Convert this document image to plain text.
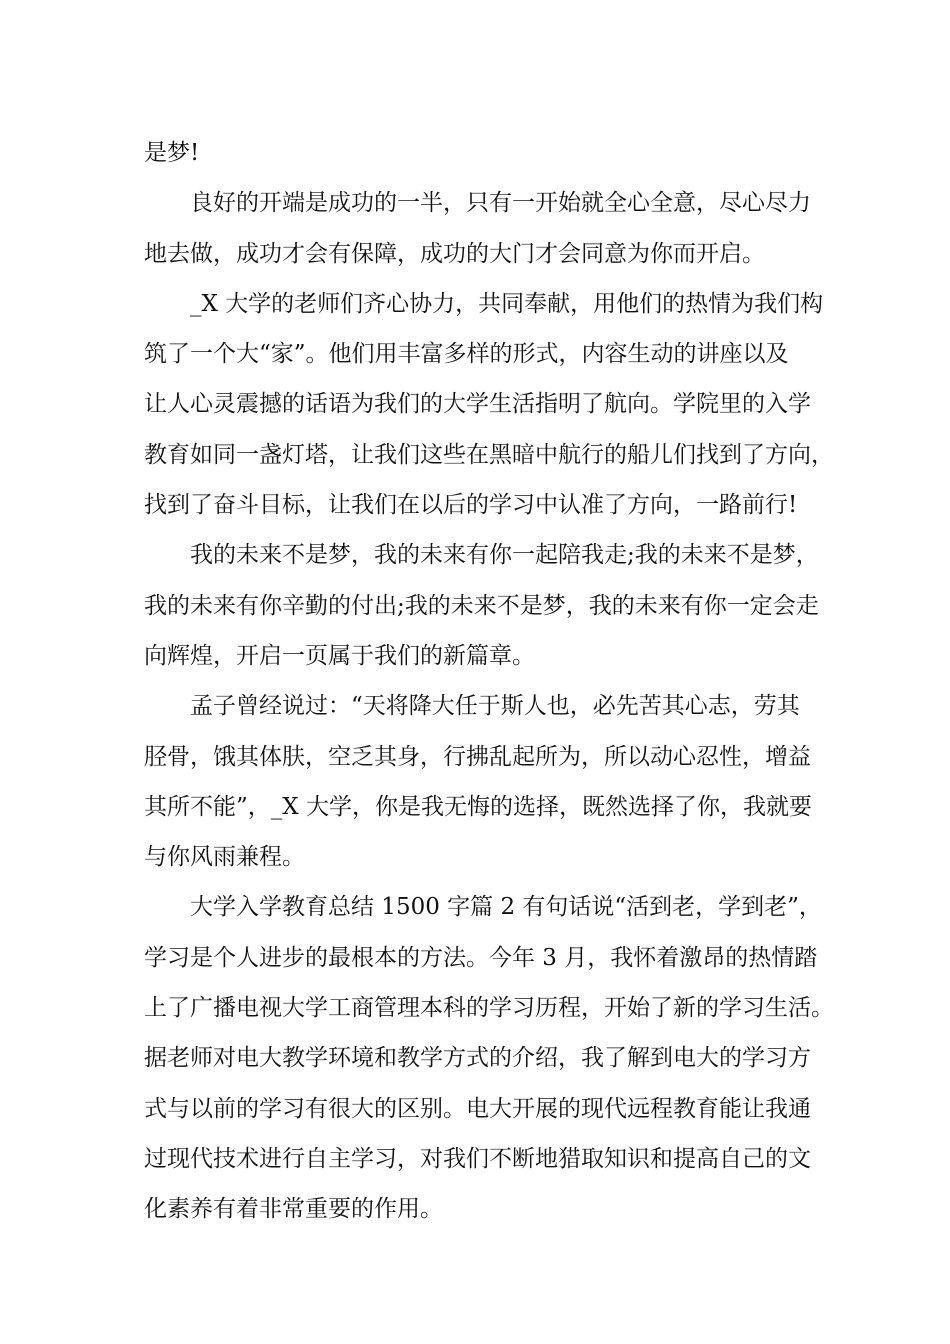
是梦!

良好的开端是成功的一半，只有一开始就全心全意，尽心尽力
地去做，成功才会有保障，成功的大门才会同意为你而开启。

_X 大学的老师们齐心协力，共同奉献，用他们的热情为我们构
筑了一个大“家”。他们用丰富多样的形式，内容生动的讲座以及
让人心灵震撼的话语为我们的大学生活指明了航向。学院里的入学
教育如同一盏灯塔，让我们这些在黑暗中航行的船儿们找到了方向，
找到了奋斗目标，让我们在以后的学习中认准了方向，一路前行!

我的未来不是梦，我的未来有你一起陪我走;我的未来不是梦，
我的未来有你辛勤的付出;我的未来不是梦，我的未来有你一定会走
向辉煌，开启一页属于我们的新篇章。

孟子曾经说过：“天将降大任于斯人也，必先苦其心志，劳其
胫骨，饿其体肤，空乏其身，行拂乱起所为，所以动心忍性，增益
其所不能”，_X 大学，你是我无悔的选择，既然选择了你，我就要
与你风雨兼程。

大学入学教育总结 1500 字篇 2 有句话说“活到老，学到老”，
学习是个人进步的最根本的方法。今年 3 月，我怀着激昂的热情踏
上了广播电视大学工商管理本科的学习历程，开始了新的学习生活。
据老师对电大教学环境和教学方式的介绍，我了解到电大的学习方
式与以前的学习有很大的区别。电大开展的现代远程教育能让我通
过现代技术进行自主学习，对我们不断地猎取知识和提高自己的文
化素养有着非常重要的作用。
